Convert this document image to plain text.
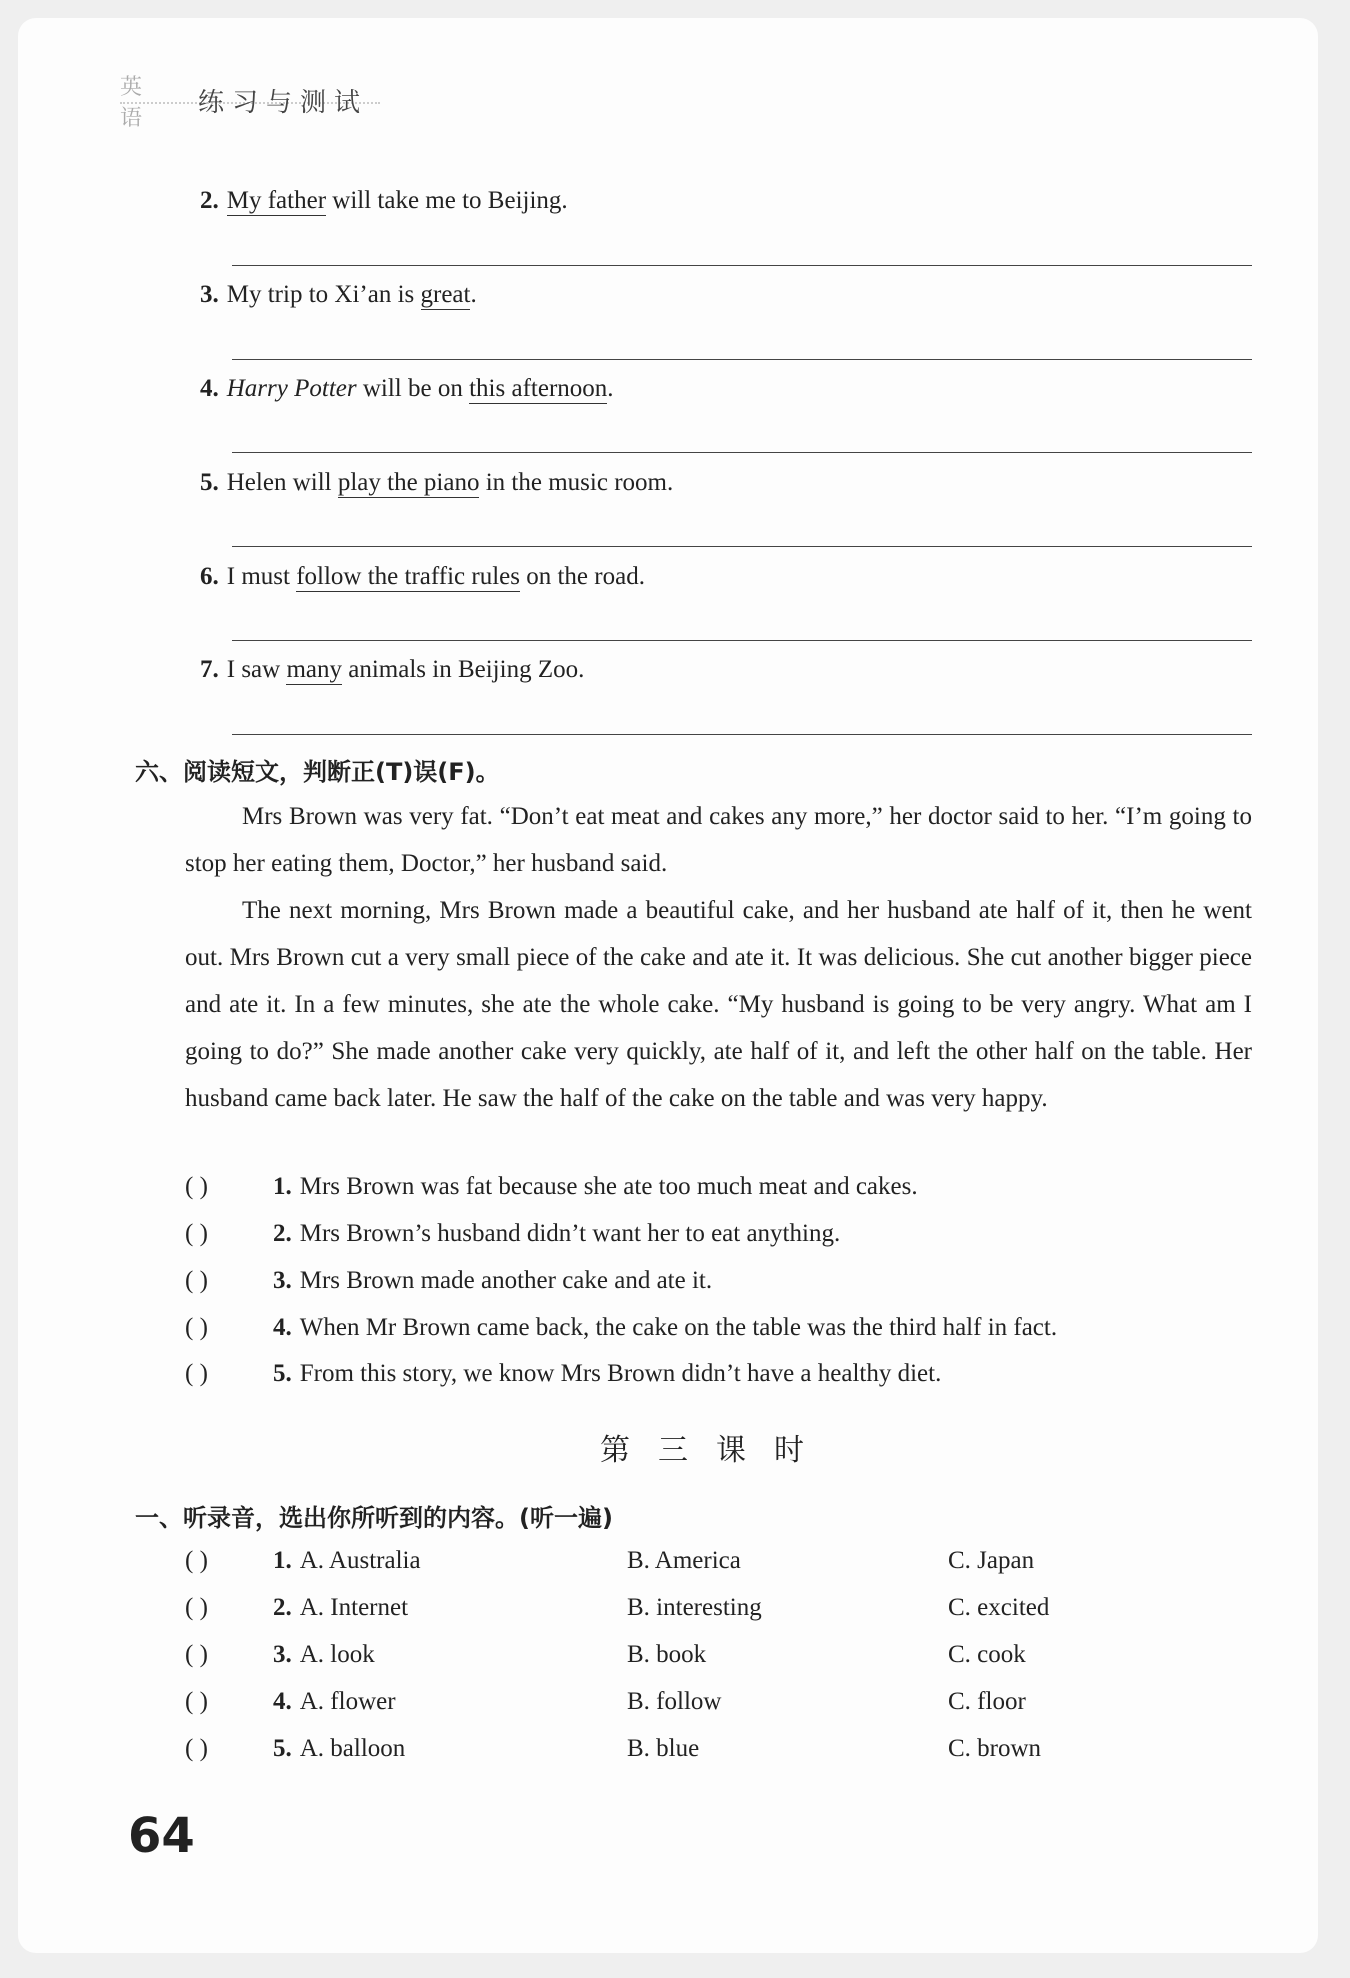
英语
练习与测试
2. My father will take me to Beijing.
3. My trip to Xi’an is great.
4. Harry Potter will be on this afternoon.
5. Helen will play the piano in the music room.
6. I must follow the traffic rules on the road.
7. I saw many animals in Beijing Zoo.
六、阅读短文，判断正(T)误(F)。

Mrs Brown was very fat. “Don’t eat meat and cakes any more,” her doctor said to her. “I’m going to stop her eating them, Doctor,” her husband said.

The next morning, Mrs Brown made a beautiful cake, and her husband ate half of it, then he went out. Mrs Brown cut a very small piece of the cake and ate it. It was delicious. She cut another bigger piece and ate it. In a few minutes, she ate the whole cake. “My husband is going to be very angry. What am I going to do?” She made another cake very quickly, ate half of it, and left the other half on the table. Her husband came back later. He saw the half of the cake on the table and was very happy.

( )	1. Mrs Brown was fat because she ate too much meat and cakes.
( )	2. Mrs Brown’s husband didn’t want her to eat anything.
( )	3. Mrs Brown made another cake and ate it.
( )	4. When Mr Brown came back, the cake on the table was the third half in fact.
( )	5. From this story, we know Mrs Brown didn’t have a healthy diet.
第三课时
一、听录音，选出你所听到的内容。(听一遍)
( )	1. A. Australia	B. America	C. Japan
( )	2. A. Internet	B. interesting	C. excited
( )	3. A. look	B. book	C. cook
( )	4. A. flower	B. follow	C. floor
( )	5. A. balloon	B. blue	C. brown
64
